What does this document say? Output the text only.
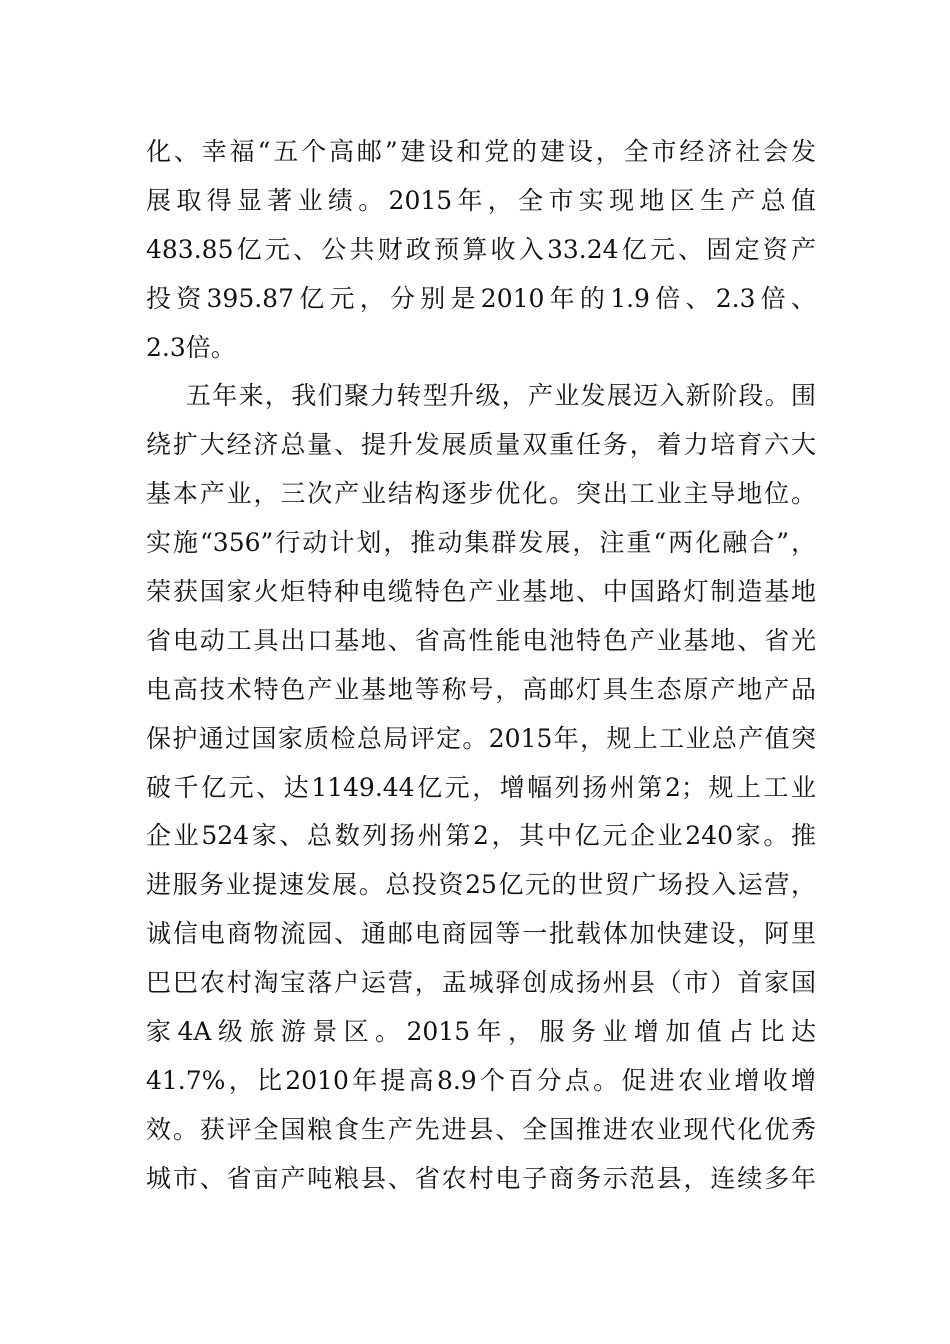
化、幸福“五个高邮”建设和党的建设，全市经济社会发
展取得显著业绩。2015年，全市实现地区生产总值
483.85亿元、公共财政预算收入33.24亿元、固定资产
投资395.87亿元，分别是2010年的1.9倍、2.3倍、
2.3倍。
五年来，我们聚力转型升级，产业发展迈入新阶段。围
绕扩大经济总量、提升发展质量双重任务，着力培育六大
基本产业，三次产业结构逐步优化。突出工业主导地位。
实施“356”行动计划，推动集群发展，注重“两化融合”，
荣获国家火炬特种电缆特色产业基地、中国路灯制造基地
省电动工具出口基地、省高性能电池特色产业基地、省光
电高技术特色产业基地等称号，高邮灯具生态原产地产品
保护通过国家质检总局评定。2015年，规上工业总产值突
破千亿元、达1149.44亿元，增幅列扬州第2；规上工业
企业524家、总数列扬州第2，其中亿元企业240家。推
进服务业提速发展。总投资25亿元的世贸广场投入运营，
诚信电商物流园、通邮电商园等一批载体加快建设，阿里
巴巴农村淘宝落户运营，盂城驿创成扬州县（市）首家国
家4A级旅游景区。2015年，服务业增加值占比达
41.7%，比2010年提高8.9个百分点。促进农业增收增
效。获评全国粮食生产先进县、全国推进农业现代化优秀
城市、省亩产吨粮县、省农村电子商务示范县，连续多年
